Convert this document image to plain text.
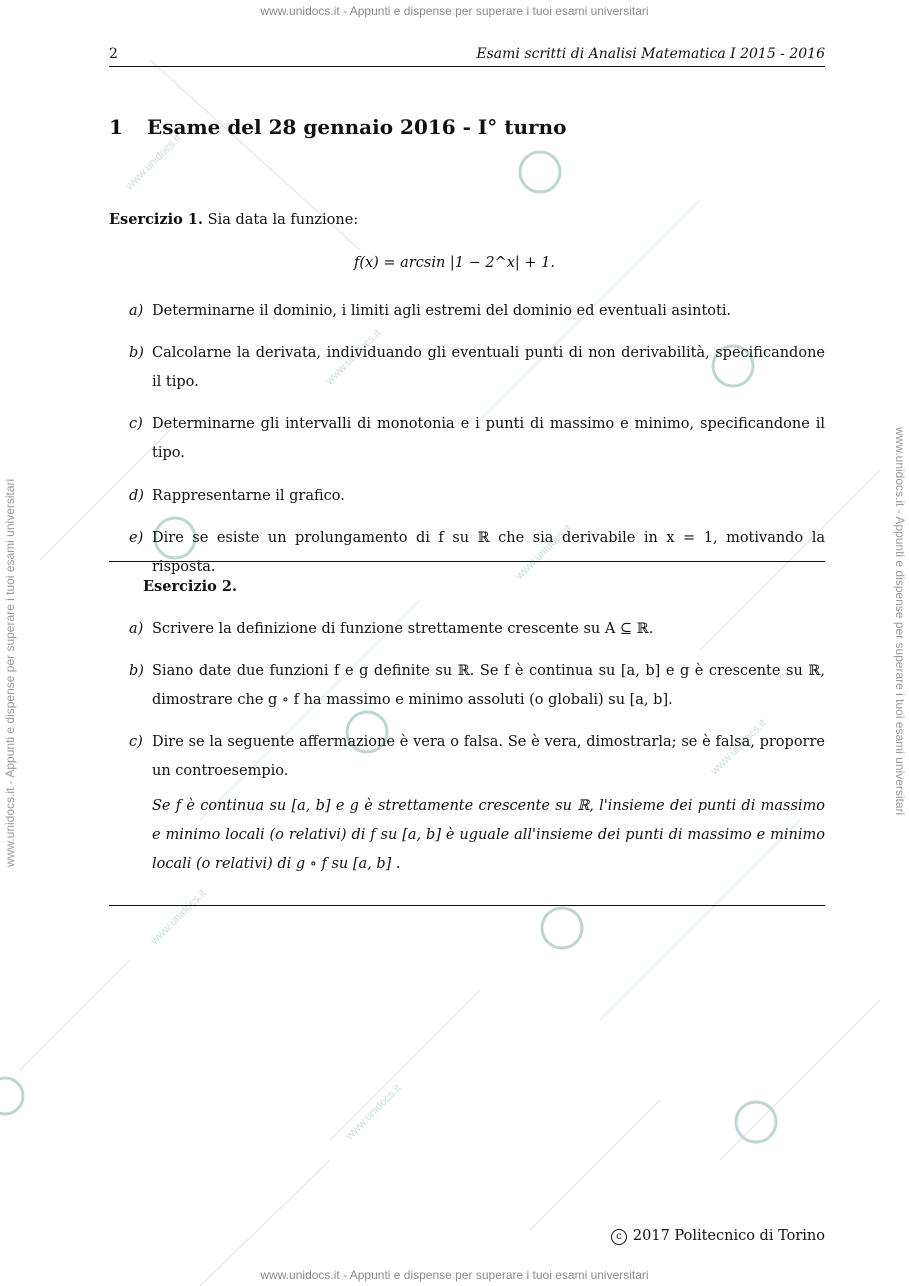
www.unidocs.it
www.unidocs.it
www.unidocs.it
www.unidocs.it
www.unidocs.it
www.unidocs.it
www.unidocs.it - Appunti e dispense per superare i tuoi esami universitari
www.unidocs.it - Appunti e dispense per superare i tuoi esami universitari	www.unidocs.it - Appunti e dispense per superare i tuoi esami universitari
2	Esami scritti di Analisi Matematica I 2015 - 2016
1 Esame del 28 gennaio 2016 - I° turno
Esercizio 1. Sia data la funzione:
f(x) = arcsin |1 − 2^x| + 1.
a) Determinarne il dominio, i limiti agli estremi del dominio ed eventuali asintoti.
b) Calcolarne la derivata, individuando gli eventuali punti di non derivabilità, specificandone il tipo.
c) Determinarne gli intervalli di monotonia e i punti di massimo e minimo, specificandone il tipo.
d) Rappresentarne il grafico.
e) Dire se esiste un prolungamento di f su ℝ che sia derivabile in x = 1, motivando la risposta.
Esercizio 2.
a) Scrivere la definizione di funzione strettamente crescente su A ⊆ ℝ.
b) Siano date due funzioni f e g definite su ℝ. Se f è continua su [a, b] e g è crescente su ℝ, dimostrare che g ∘ f ha massimo e minimo assoluti (o globali) su [a, b].
c) Dire se la seguente affermazione è vera o falsa. Se è vera, dimostrarla; se è falsa, proporre un controesempio.
Se f è continua su [a, b] e g è strettamente crescente su ℝ, l'insieme dei punti di massimo e minimo locali (o relativi) di f su [a, b] è uguale all'insieme dei punti di massimo e minimo locali (o relativi) di g ∘ f su [a, b] .
c 2017 Politecnico di Torino
www.unidocs.it - Appunti e dispense per superare i tuoi esami universitari
